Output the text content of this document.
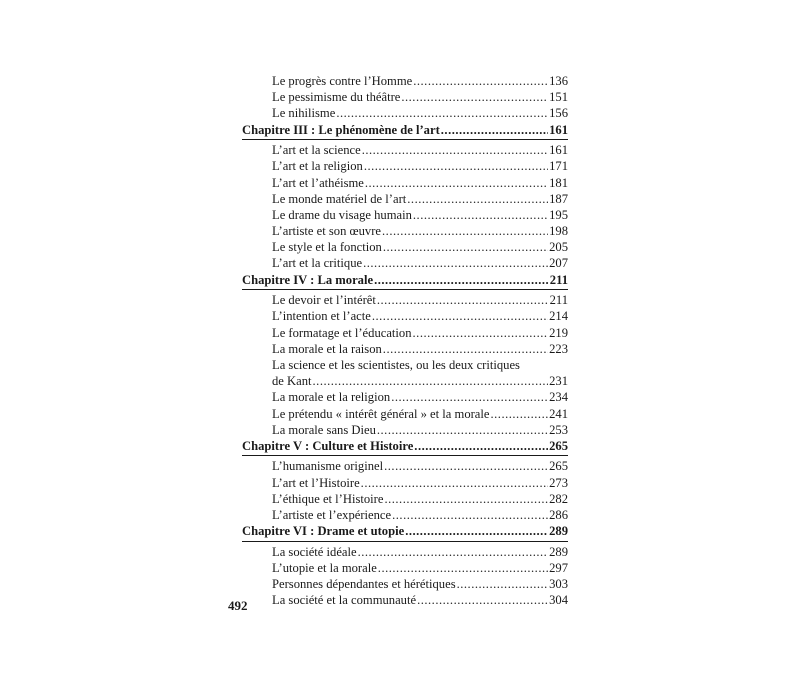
Le progrès contre l’Homme .....	136
Le pessimisme du théâtre .....	151
Le nihilisme .....	156
Chapitre III : Le phénomène de l’art .....	161
L’art et la science .....	161
L’art et la religion .....	171
L’art et l’athéisme .....	181
Le monde matériel de l’art .....	187
Le drame du visage humain .....	195
L’artiste et son œuvre .....	198
Le style et la fonction .....	205
L’art et la critique .....	207
Chapitre IV : La morale .....	211
Le devoir et l’intérêt .....	211
L’intention et l’acte .....	214
Le formatage et l’éducation .....	219
La morale et la raison .....	223
La science et les scientistes, ou les deux critiques
de Kant .....	231
La morale et la religion .....	234
Le prétendu « intérêt général » et la morale .....	241
La morale sans Dieu .....	253
Chapitre V : Culture et Histoire .....	265
L’humanisme originel .....	265
L’art et l’Histoire .....	273
L’éthique et l’Histoire .....	282
L’artiste et l’expérience .....	286
Chapitre VI : Drame et utopie .....	289
La société idéale .....	289
L’utopie et la morale .....	297
Personnes dépendantes et hérétiques .....	303
La société et la communauté .....	304
492
